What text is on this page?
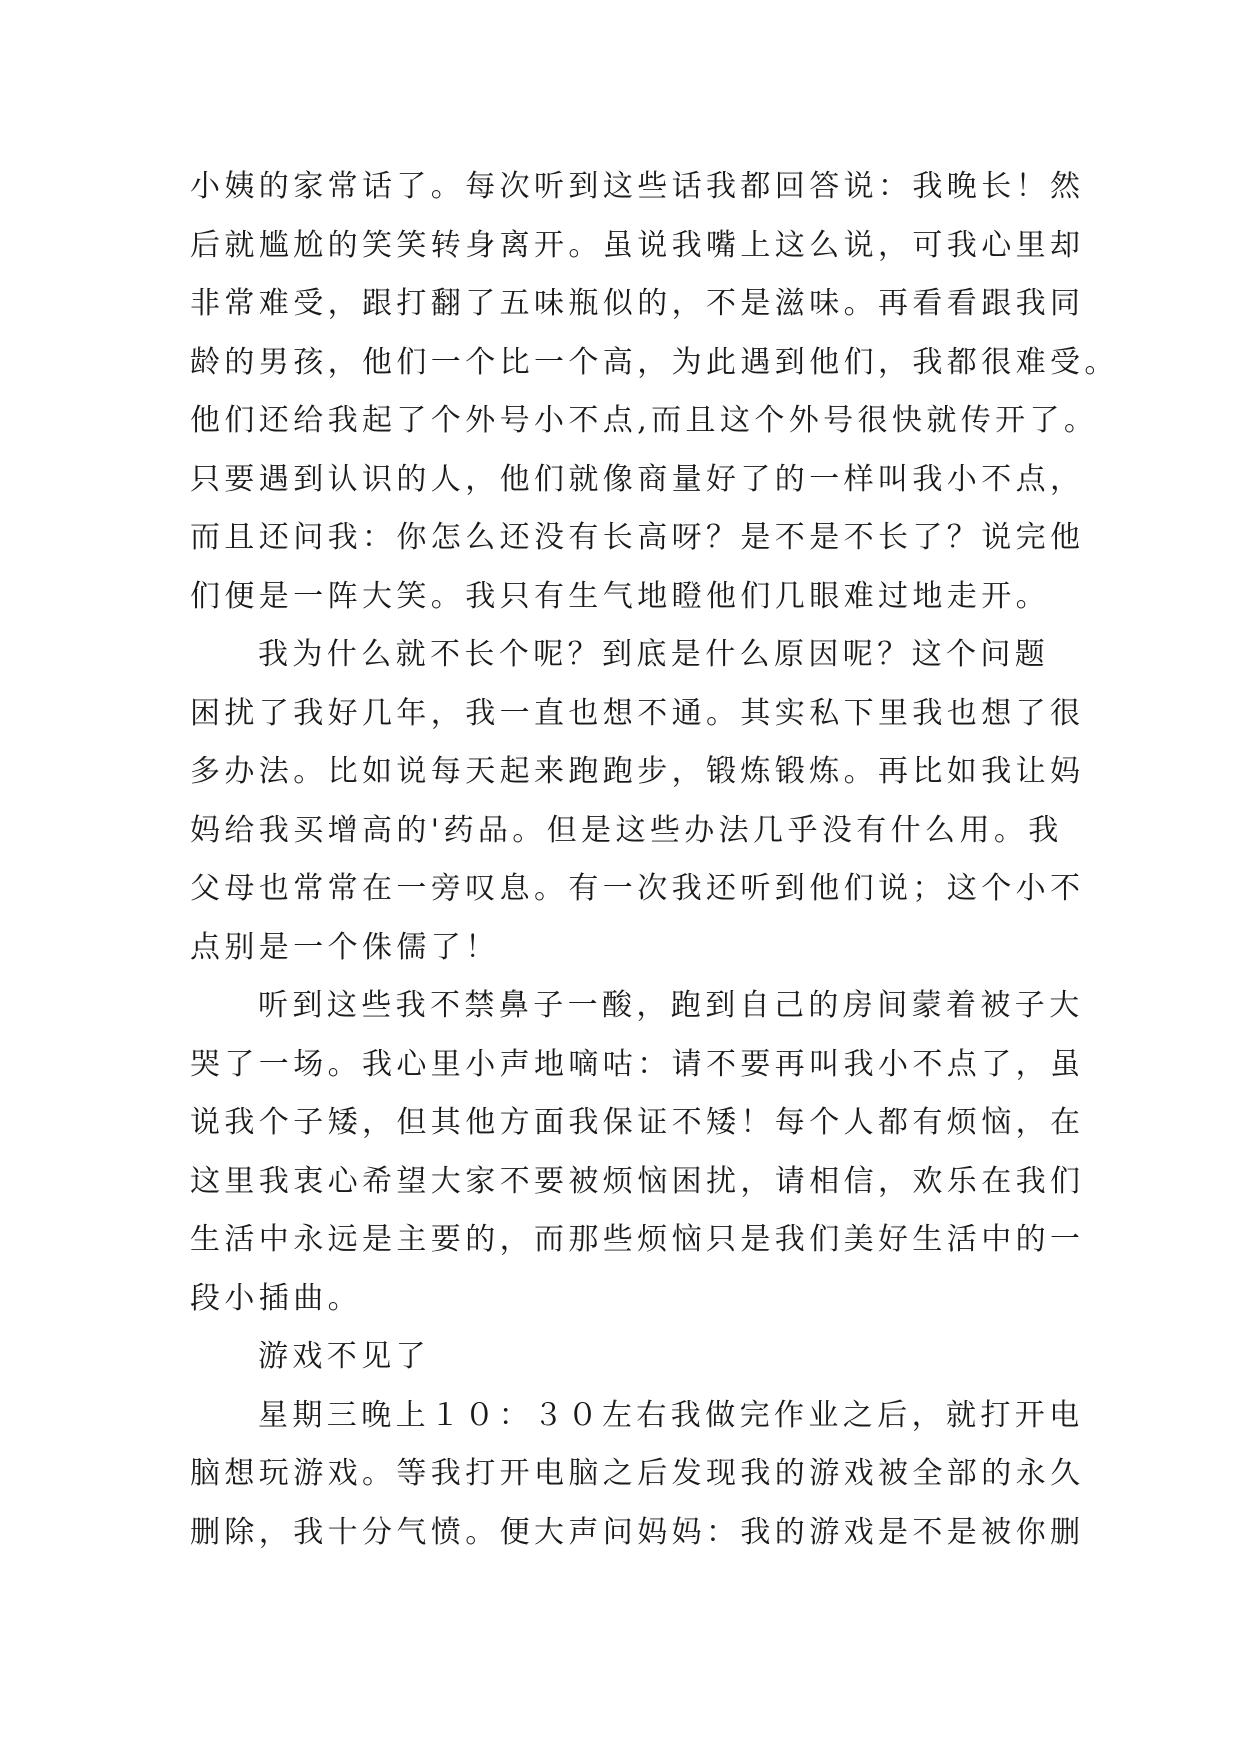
小姨的家常话了。每次听到这些话我都回答说：我晚长！然
后就尴尬的笑笑转身离开。虽说我嘴上这么说，可我心里却
非常难受，跟打翻了五味瓶似的，不是滋味。再看看跟我同
龄的男孩，他们一个比一个高，为此遇到他们，我都很难受。
他们还给我起了个外号小不点,而且这个外号很快就传开了。
只要遇到认识的人，他们就像商量好了的一样叫我小不点，
而且还问我：你怎么还没有长高呀？是不是不长了？说完他
们便是一阵大笑。我只有生气地瞪他们几眼难过地走开。
我为什么就不长个呢？到底是什么原因呢？这个问题
困扰了我好几年，我一直也想不通。其实私下里我也想了很
多办法。比如说每天起来跑跑步，锻炼锻炼。再比如我让妈
妈给我买增高的'药品。但是这些办法几乎没有什么用。我
父母也常常在一旁叹息。有一次我还听到他们说；这个小不
点别是一个侏儒了！
听到这些我不禁鼻子一酸，跑到自己的房间蒙着被子大
哭了一场。我心里小声地嘀咕：请不要再叫我小不点了，虽
说我个子矮，但其他方面我保证不矮！每个人都有烦恼，在
这里我衷心希望大家不要被烦恼困扰，请相信，欢乐在我们
生活中永远是主要的，而那些烦恼只是我们美好生活中的一
段小插曲。
游戏不见了
星期三晚上１０：３０左右我做完作业之后，就打开电
脑想玩游戏。等我打开电脑之后发现我的游戏被全部的永久
删除，我十分气愤。便大声问妈妈：我的游戏是不是被你删
